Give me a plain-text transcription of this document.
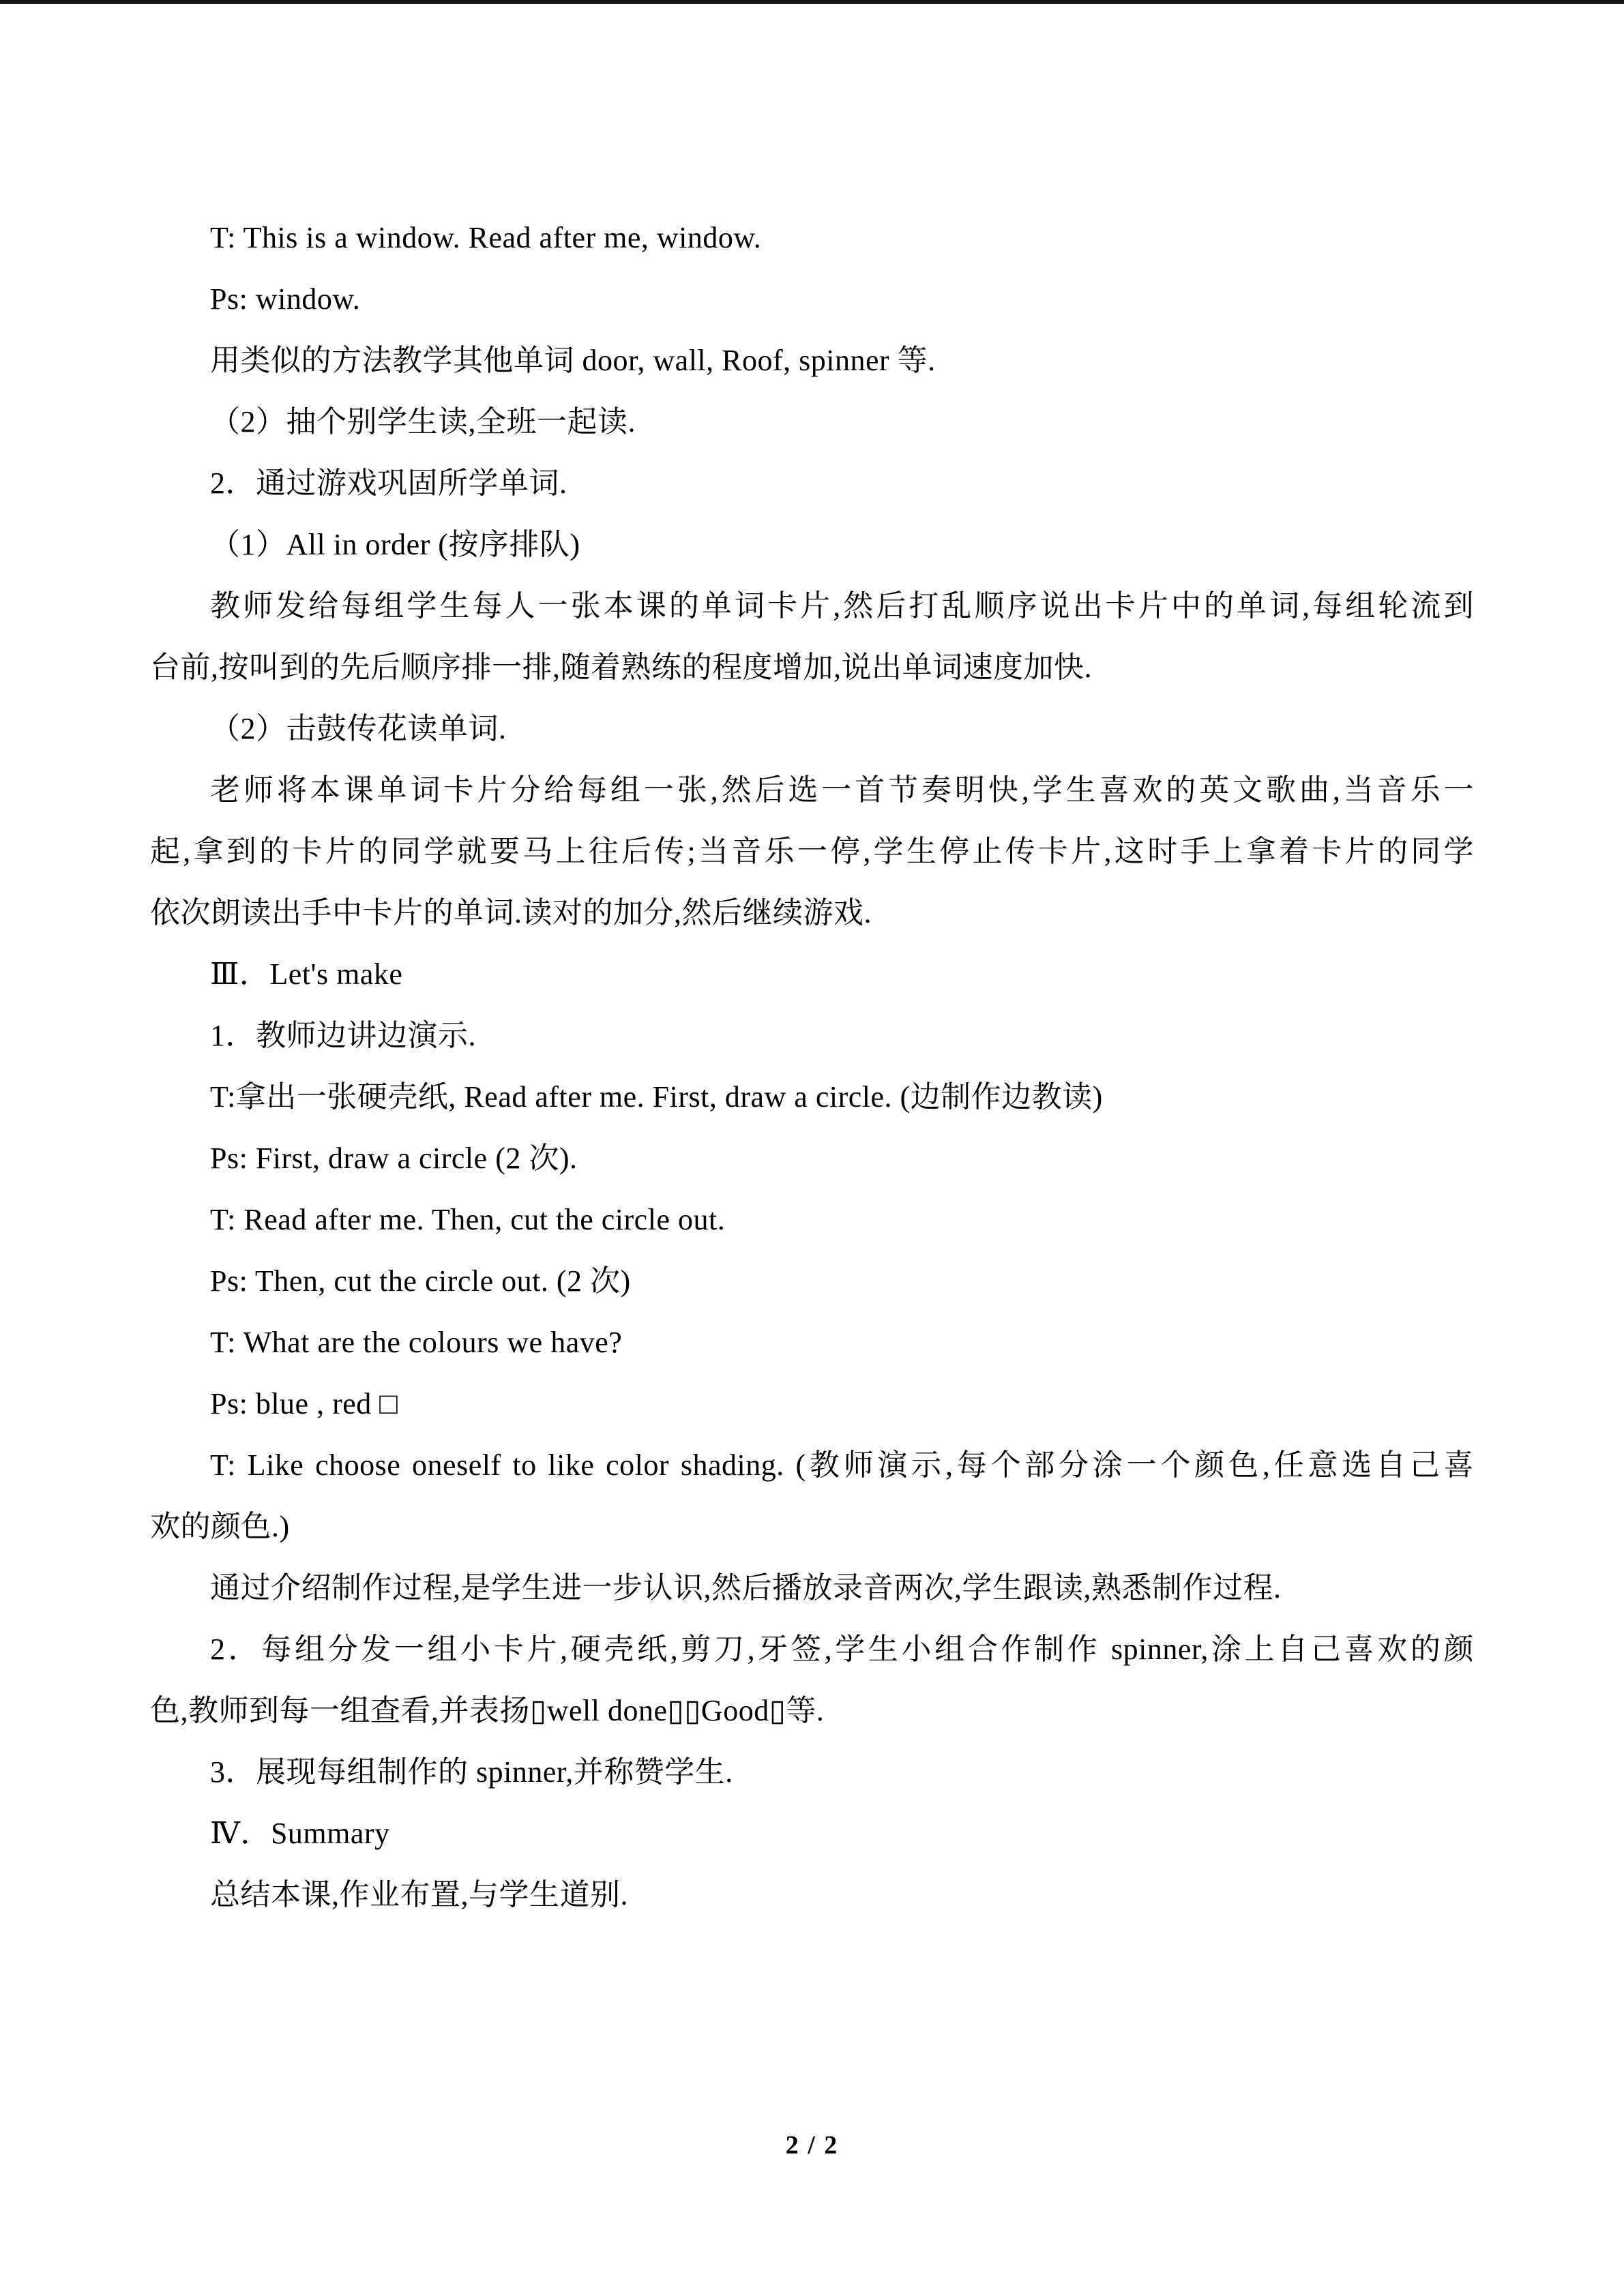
T: This is a window. Read after me, window.
Ps: window.
用类似的方法教学其他单词 door, wall, Roof, spinner 等.
（2）抽个别学生读,全班一起读.
2．通过游戏巩固所学单词.
（1）All in order (按序排队)
教师发给每组学生每人一张本课的单词卡片,然后打乱顺序说出卡片中的单词,每组轮流到
台前,按叫到的先后顺序排一排,随着熟练的程度增加,说出单词速度加快.
（2）击鼓传花读单词.
老师将本课单词卡片分给每组一张,然后选一首节奏明快,学生喜欢的英文歌曲,当音乐一
起,拿到的卡片的同学就要马上往后传;当音乐一停,学生停止传卡片,这时手上拿着卡片的同学
依次朗读出手中卡片的单词.读对的加分,然后继续游戏.
Ⅲ．Let's make
1．教师边讲边演示.
T:拿出一张硬壳纸, Read after me. First, draw a circle. (边制作边教读)
Ps: First, draw a circle (2 次).
T: Read after me. Then, cut the circle out.
Ps: Then, cut the circle out. (2 次)
T: What are the colours we have?
Ps: blue , red □
T: Like choose oneself to like color shading. (教师演示,每个部分涂一个颜色,任意选自己喜
欢的颜色.)
通过介绍制作过程,是学生进一步认识,然后播放录音两次,学生跟读,熟悉制作过程.
2．每组分发一组小卡片,硬壳纸,剪刀,牙签,学生小组合作制作 spinner,涂上自己喜欢的颜
色,教师到每一组查看,并表扬▯well done▯▯Good▯等.
3．展现每组制作的 spinner,并称赞学生.
Ⅳ．Summary
总结本课,作业布置,与学生道别.
2 / 2
